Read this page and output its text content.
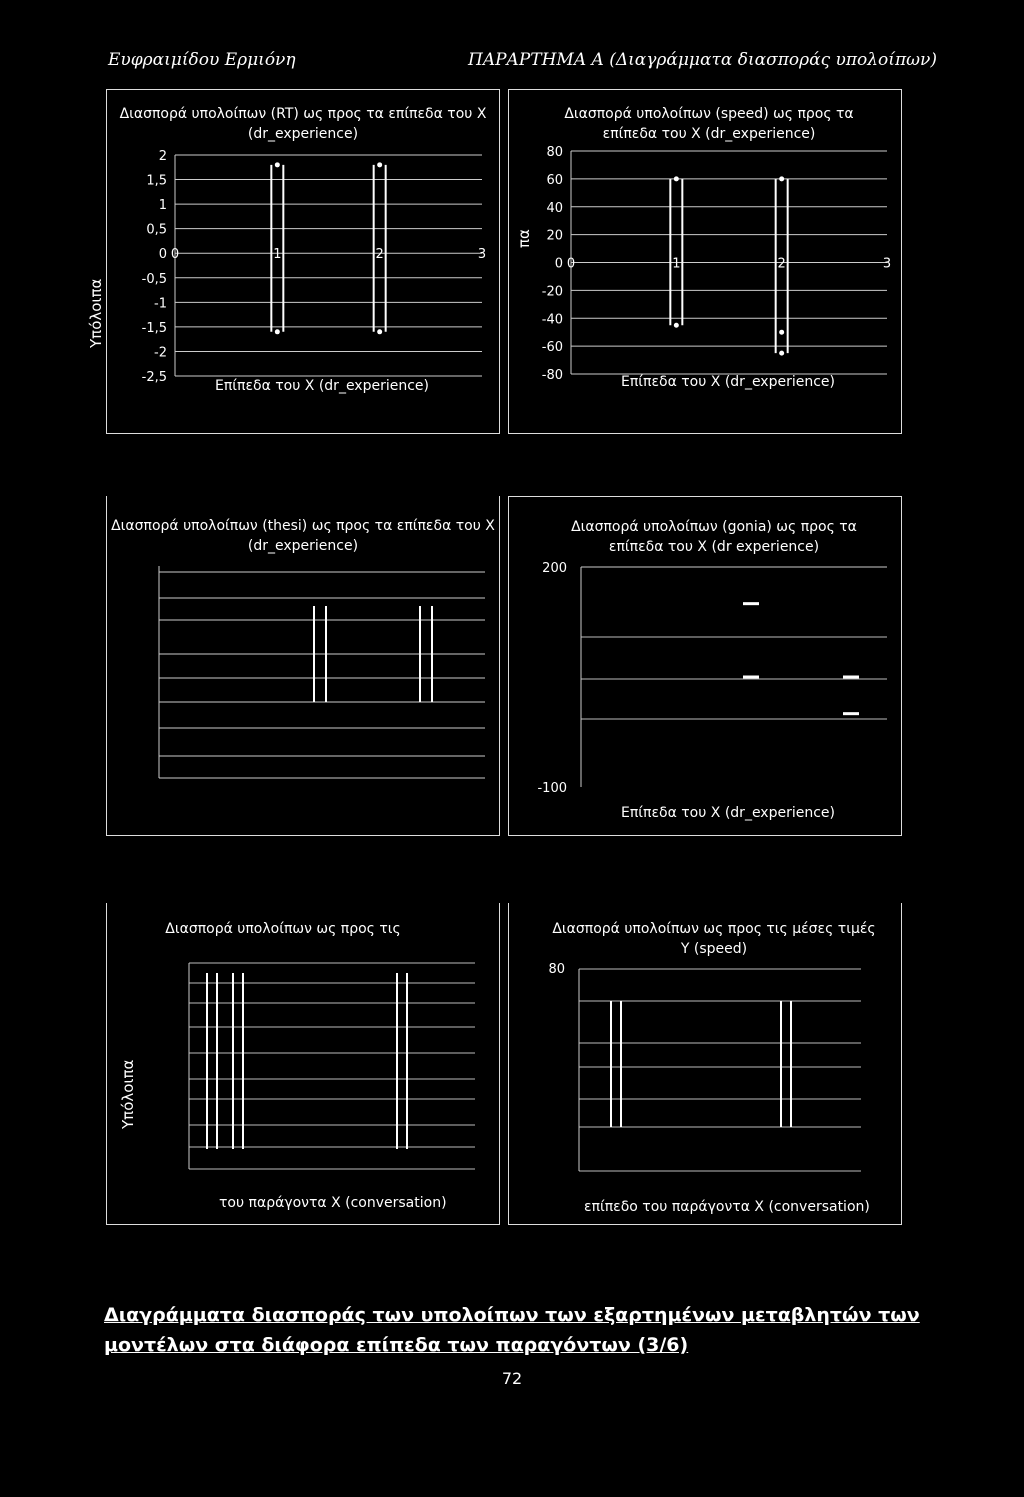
Ευφραιμίδου Ερμιόνη	ΠΑΡΑΡΤΗΜΑ Α (Διαγράμματα διασποράς υπολοίπων)
Διασπορά υπολοίπων (RT) ως προς τα επίπεδα του X (dr_experience)
2
1,5
1
0,5
0
-0,5
-1
-1,5
-2
-2,5
0	1	2	3
Επίπεδα του X (dr_experience)
Υπόλοιπα
Διασπορά υπολοίπων (speed) ως προς τα επίπεδα του X (dr_experience)
80
60
40
20
0
-20
-40
-60
-80
0	1	2	3
Επίπεδα του X (dr_experience)
πα
Διασπορά υπολοίπων (thesi) ως προς τα επίπεδα του X (dr_experience)
Διασπορά υπολοίπων (gonia) ως προς τα επίπεδα του X (dr experience)
200
-100
Επίπεδα του X (dr_experience)
Διασπορά υπολοίπων ως προς τις
του παράγοντα X (conversation)
Υπόλοιπα
Διασπορά υπολοίπων ως προς τις μέσες τιμές Y (speed)
80
επίπεδο του παράγοντα X (conversation)
Διαγράμματα διασποράς των υπολοίπων των εξαρτημένων μεταβλητών των
μοντέλων στα διάφορα επίπεδα των παραγόντων (3/6)
72
